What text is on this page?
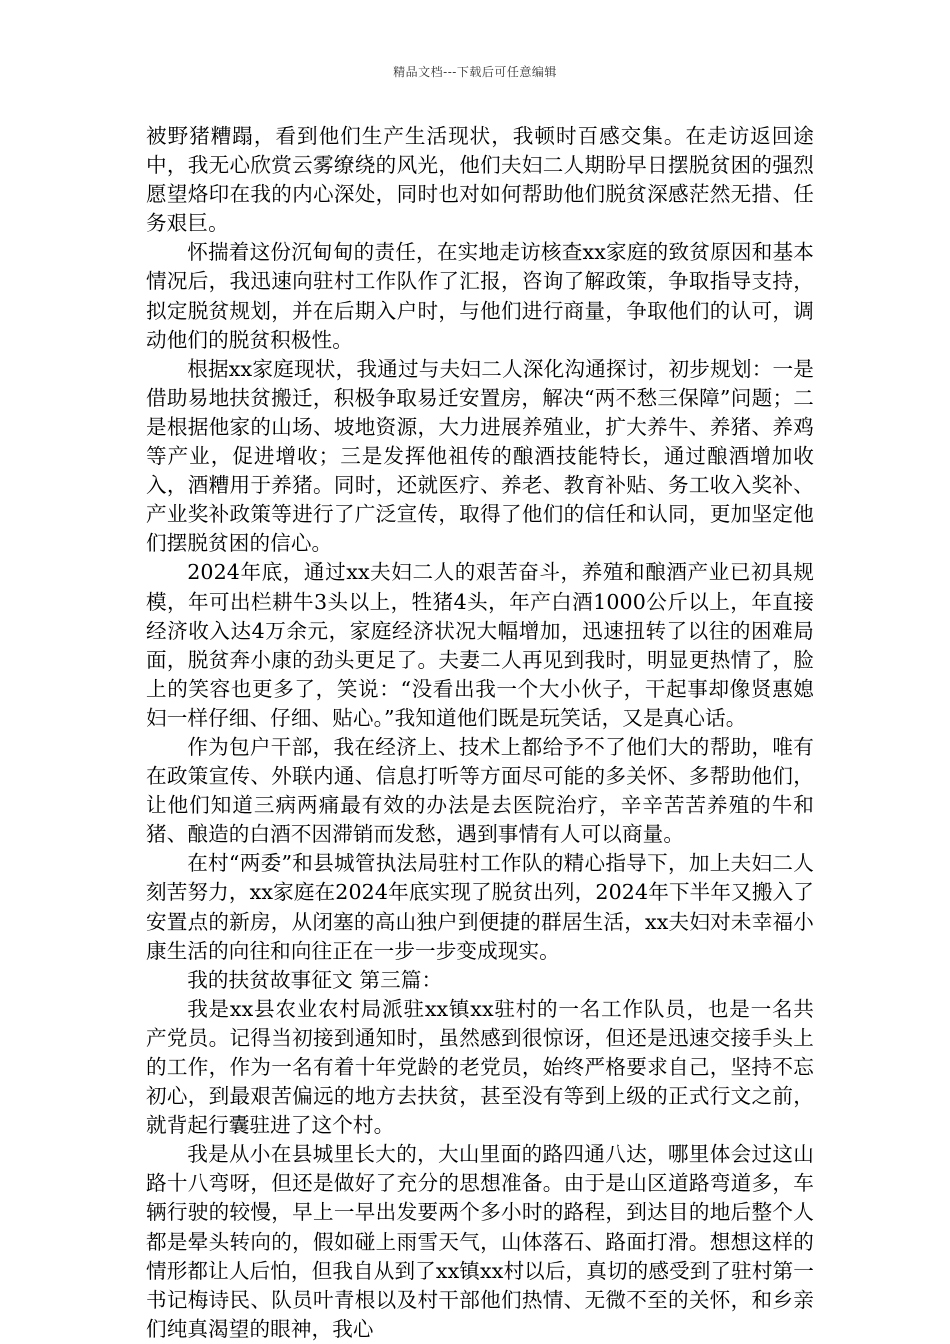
精品文档---下载后可任意编辑

被野猪糟蹋，看到他们生产生活现状，我顿时百感交集。在走访返回途中，我无心欣赏云雾缭绕的风光，他们夫妇二人期盼早日摆脱贫困的强烈愿望烙印在我的内心深处，同时也对如何帮助他们脱贫深感茫然无措、任务艰巨。

怀揣着这份沉甸甸的责任，在实地走访核查xx家庭的致贫原因和基本情况后，我迅速向驻村工作队作了汇报，咨询了解政策，争取指导支持，拟定脱贫规划，并在后期入户时，与他们进行商量，争取他们的认可，调动他们的脱贫积极性。

根据xx家庭现状，我通过与夫妇二人深化沟通探讨，初步规划：一是借助易地扶贫搬迁，积极争取易迁安置房，解决“两不愁三保障”问题；二是根据他家的山场、坡地资源，大力进展养殖业，扩大养牛、养猪、养鸡等产业，促进增收；三是发挥他祖传的酿酒技能特长，通过酿酒增加收入，酒糟用于养猪。同时，还就医疗、养老、教育补贴、务工收入奖补、产业奖补政策等进行了广泛宣传，取得了他们的信任和认同，更加坚定他们摆脱贫困的信心。

2024年底，通过xx夫妇二人的艰苦奋斗，养殖和酿酒产业已初具规模，年可出栏耕牛3头以上，牲猪4头，年产白酒1000公斤以上，年直接经济收入达4万余元，家庭经济状况大幅增加，迅速扭转了以往的困难局面，脱贫奔小康的劲头更足了。夫妻二人再见到我时，明显更热情了，脸上的笑容也更多了，笑说：“没看出我一个大小伙子，干起事却像贤惠媳妇一样仔细、仔细、贴心。”我知道他们既是玩笑话，又是真心话。

作为包户干部，我在经济上、技术上都给予不了他们大的帮助，唯有在政策宣传、外联内通、信息打听等方面尽可能的多关怀、多帮助他们，让他们知道三病两痛最有效的办法是去医院治疗，辛辛苦苦养殖的牛和猪、酿造的白酒不因滞销而发愁，遇到事情有人可以商量。

在村“两委”和县城管执法局驻村工作队的精心指导下，加上夫妇二人刻苦努力，xx家庭在2024年底实现了脱贫出列，2024年下半年又搬入了安置点的新房，从闭塞的高山独户到便捷的群居生活，xx夫妇对未幸福小康生活的向往和向往正在一步一步变成现实。

我的扶贫故事征文 第三篇：

我是xx县农业农村局派驻xx镇xx驻村的一名工作队员，也是一名共产党员。记得当初接到通知时，虽然感到很惊讶，但还是迅速交接手头上的工作，作为一名有着十年党龄的老党员，始终严格要求自己，坚持不忘初心，到最艰苦偏远的地方去扶贫，甚至没有等到上级的正式行文之前，就背起行囊驻进了这个村。

我是从小在县城里长大的，大山里面的路四通八达，哪里体会过这山路十八弯呀，但还是做好了充分的思想准备。由于是山区道路弯道多，车辆行驶的较慢，早上一早出发要两个多小时的路程，到达目的地后整个人都是晕头转向的，假如碰上雨雪天气，山体落石、路面打滑。想想这样的情形都让人后怕，但我自从到了xx镇xx村以后，真切的感受到了驻村第一书记梅诗民、队员叶青根以及村干部他们热情、无微不至的关怀，和乡亲们纯真渴望的眼神，我心
